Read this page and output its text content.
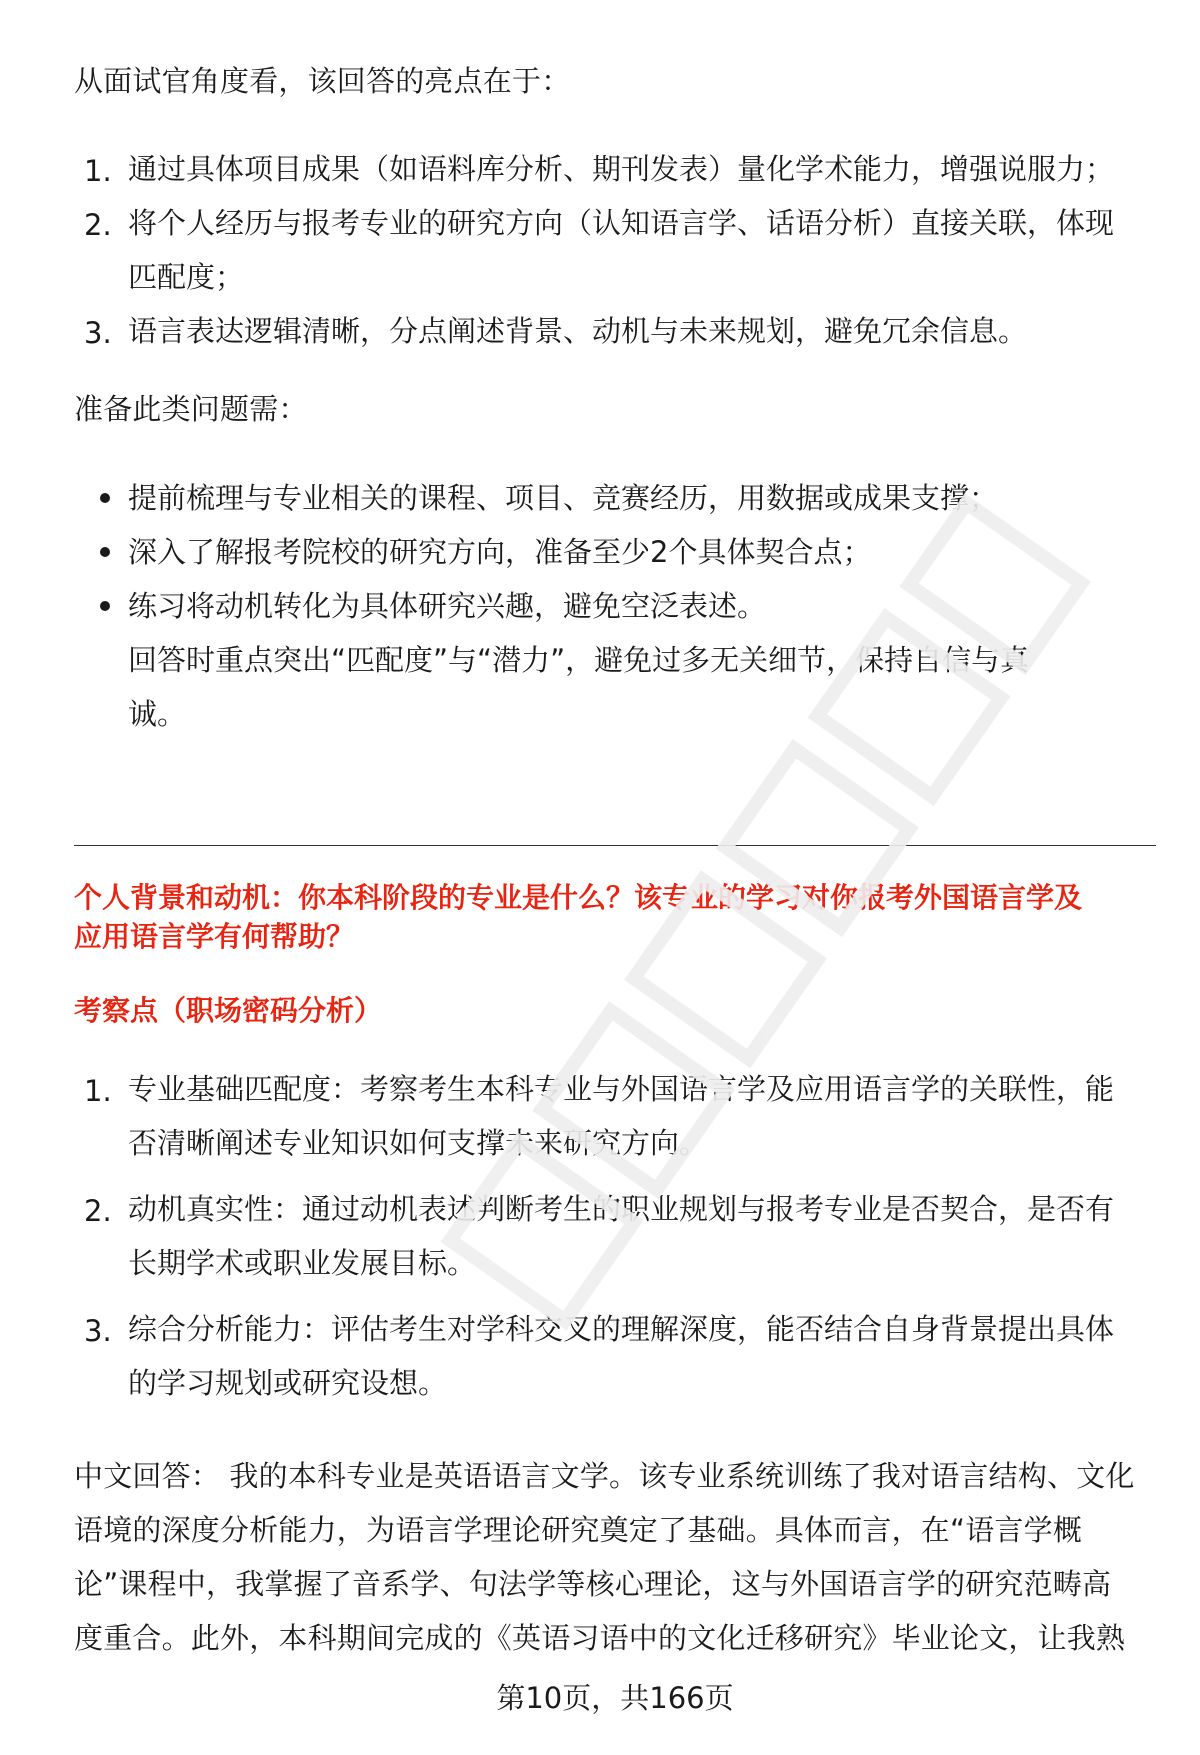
从面试官角度看，该回答的亮点在于：
1. 通过具体项目成果（如语料库分析、期刊发表）量化学术能力，增强说服力；
2. 将个人经历与报考专业的研究方向（认知语言学、话语分析）直接关联，体现
匹配度；
3. 语言表达逻辑清晰，分点阐述背景、动机与未来规划，避免冗余信息。
准备此类问题需：
提前梳理与专业相关的课程、项目、竞赛经历，用数据或成果支撑；
深入了解报考院校的研究方向，准备至少2个具体契合点；
练习将动机转化为具体研究兴趣，避免空泛表述。
回答时重点突出“匹配度”与“潜力”，避免过多无关细节，保持自信与真
诚。
个人背景和动机：你本科阶段的专业是什么？该专业的学习对你报考外国语言学及
应用语言学有何帮助？
考察点（职场密码分析）
1. 专业基础匹配度：考察考生本科专业与外国语言学及应用语言学的关联性，能
否清晰阐述专业知识如何支撑未来研究方向。
2. 动机真实性：通过动机表述判断考生的职业规划与报考专业是否契合，是否有
长期学术或职业发展目标。
3. 综合分析能力：评估考生对学科交叉的理解深度，能否结合自身背景提出具体
的学习规划或研究设想。
中文回答： 我的本科专业是英语语言文学。该专业系统训练了我对语言结构、文化
语境的深度分析能力，为语言学理论研究奠定了基础。具体而言，在“语言学概
论”课程中，我掌握了音系学、句法学等核心理论，这与外国语言学的研究范畴高
度重合。此外，本科期间完成的《英语习语中的文化迁移研究》毕业论文，让我熟
第10页，共166页
